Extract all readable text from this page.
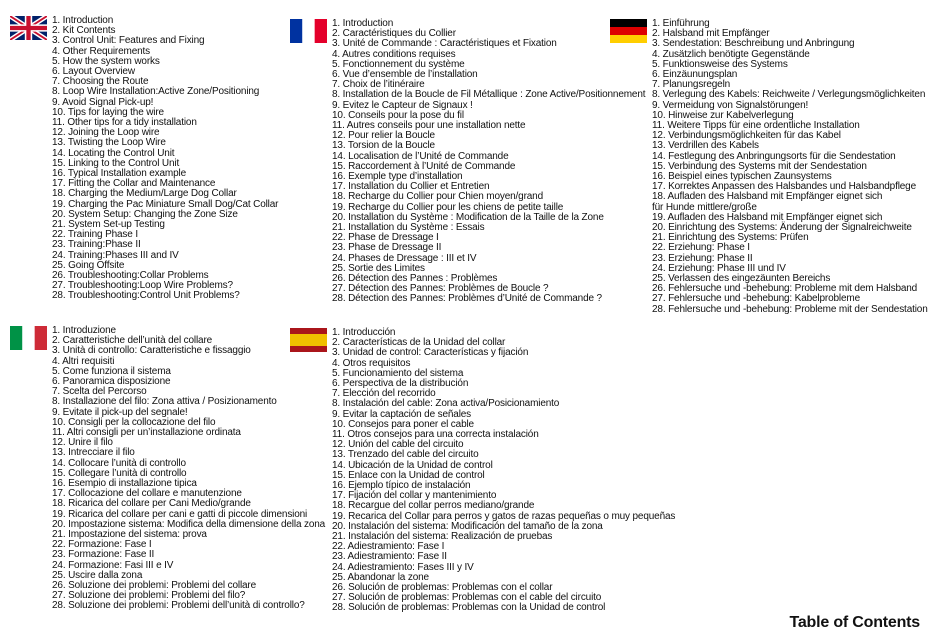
1. Introduction
2. Kit Contents
3. Control Unit: Features and Fixing
4. Other Requirements
5. How the system works
6. Layout Overview
7. Choosing the Route
8. Loop Wire Installation:Active Zone/Positioning
9. Avoid Signal Pick-up!
10. Tips for laying the wire
11. Other tips for a tidy installation
12. Joining the Loop wire
13. Twisting the Loop Wire
14. Locating the Control Unit
15. Linking to the Control Unit
16. Typical Installation example
17. Fitting the Collar and Maintenance
18. Charging the Medium/Large Dog Collar
19. Charging the Pac Miniature Small Dog/Cat Collar
20. System Setup: Changing the Zone Size
21. System Set-up Testing
22. Training Phase I
23. Training:Phase II
24. Training:Phases III and IV
25. Going Offsite
26. Troubleshooting:Collar Problems
27. Troubleshooting:Loop Wire Problems?
28. Troubleshooting:Control Unit Problems?
1. Introduction
2. Caractéristiques du Collier
3. Unité de Commande : Caractéristiques et Fixation
4. Autres conditions requises
5. Fonctionnement du système
6. Vue d’ensemble de l’installation
7. Choix de l’itinéraire
8. Installation de la Boucle de Fil Métallique : Zone Active/Positionnement
9. Evitez le Capteur de Signaux !
10. Conseils pour la pose du fil
11. Autres conseils pour une installation nette
12. Pour relier la Boucle
13. Torsion de la Boucle
14. Localisation de l’Unité de Commande
15. Raccordement à l’Unité de Commande
16. Exemple type d’installation
17. Installation du Collier et Entretien
18. Recharge du Collier pour Chien moyen/grand
19. Recharge du Collier pour les chiens de petite taille
20. Installation du Système : Modification de la Taille de la Zone
21. Installation du Système : Essais
22. Phase de Dressage I
23. Phase de Dressage II
24. Phases de Dressage : III et IV
25. Sortie des Limites
26. Détection des Pannes : Problèmes
27. Détection des Pannes: Problèmes de Boucle ?
28. Détection des Pannes: Problèmes d’Unité de Commande ?
1. Einführung
2. Halsband mit Empfänger
3. Sendestation: Beschreibung und Anbringung
4. Zusätzlich benötigte Gegenstände
5. Funktionsweise des Systems
6. Einzäunungsplan
7. Planungsregeln
8. Verlegung des Kabels: Reichweite / Verlegungsmöglichkeiten
9. Vermeidung von Signalstörungen!
10. Hinweise zur Kabelverlegung
11. Weitere Tipps für eine ordentliche Installation
12. Verbindungsmöglichkeiten für das Kabel
13. Verdrillen des Kabels
14. Festlegung des Anbringungsorts für die Sendestation
15. Verbindung des Systems mit der Sendestation
16. Beispiel eines typischen Zaunsystems
17. Korrektes Anpassen des Halsbandes und Halsbandpflege
18. Aufladen des Halsband mit Empfänger eignet sich
für Hunde mittlere/große
19. Aufladen des Halsband mit Empfänger eignet sich
20. Einrichtung des Systems: Änderung der Signalreichweite
21. Einrichtung des Systems: Prüfen
22. Erziehung: Phase I
23. Erziehung: Phase II
24. Erziehung: Phase III und IV
25. Verlassen des eingezäunten Bereichs
26. Fehlersuche und -behebung: Probleme mit dem Halsband
27. Fehlersuche und -behebung: Kabelprobleme
28. Fehlersuche und -behebung: Probleme mit der Sendestation
1. Introduzione
2. Caratteristiche dell’unità del collare
3. Unità di controllo: Caratteristiche e fissaggio
4. Altri requisiti
5. Come funziona il sistema
6. Panoramica disposizione
7. Scelta del Percorso
8. Installazione del filo: Zona attiva / Posizionamento
9. Evitate il pick-up del segnale!
10. Consigli per la collocazione del filo
11. Altri consigli per un’installazione ordinata
12. Unire il filo
13. Intrecciare il filo
14. Collocare l’unità di controllo
15. Collegare l’unità di controllo
16. Esempio di installazione tipica
17. Collocazione del collare e manutenzione
18. Ricarica del collare per Cani Medio/grande
19. Ricarica del collare per cani e gatti di piccole dimensioni
20. Impostazione sistema: Modifica della dimensione della zona
21. Impostazione del sistema: prova
22. Formazione: Fase I
23. Formazione: Fase II
24. Formazione: Fasi III e IV
25. Uscire dalla zona
26. Soluzione dei problemi: Problemi del collare
27. Soluzione dei problemi: Problemi del filo?
28. Soluzione dei problemi: Problemi dell’unità di controllo?
1. Introducción
2. Características de la Unidad del collar
3. Unidad de control: Características y fijación
4. Otros requisitos
5. Funcionamiento del sistema
6. Perspectiva de la distribución
7. Elección del recorrido
8. Instalación del cable: Zona activa/Posicionamiento
9. Evitar la captación de señales
10. Consejos para poner el cable
11. Otros consejos para una correcta instalación
12. Unión del cable del circuito
13. Trenzado del cable del circuito
14. Ubicación de la Unidad de control
15. Enlace con la Unidad de control
16. Ejemplo típico de instalación
17. Fijación del collar y mantenimiento
18. Recargue del collar perros mediano/grande
19. Recarica del Collar para perros y gatos de razas pequeñas o muy pequeñas
20. Instalación del sistema: Modificación del tamaño de la zona
21. Instalación del sistema: Realización de pruebas
22. Adiestramiento: Fase I
23. Adiestramiento: Fase II
24. Adiestramiento: Fases III y IV
25. Abandonar la zone
26. Solución de problemas: Problemas con el collar
27. Solución de problemas: Problemas con el cable del circuito
28. Solución de problemas: Problemas con la Unidad de control
Table of Contents
